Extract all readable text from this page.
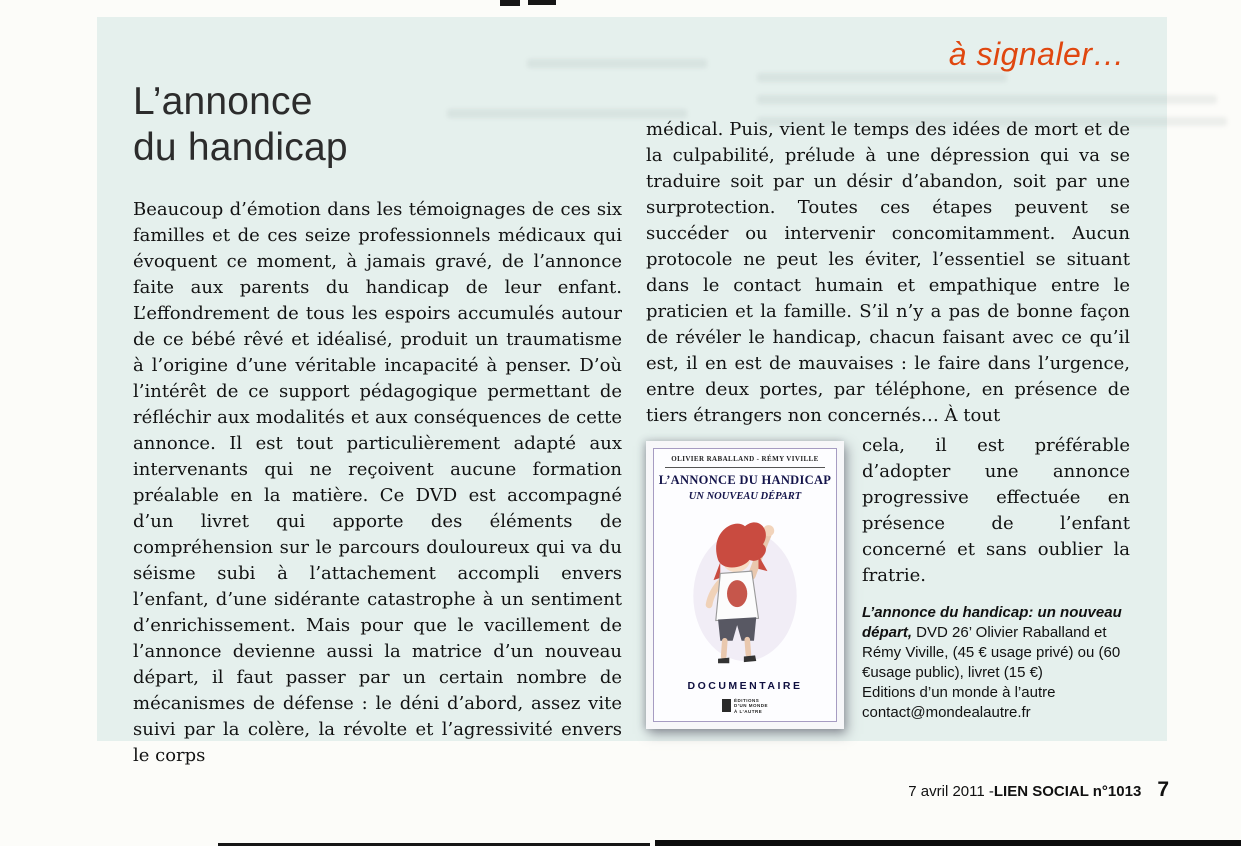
L’annonce
du handicap

Beaucoup d’émotion dans les témoignages de ces six familles et de ces seize professionnels médicaux qui évoquent ce moment, à jamais gravé, de l’annonce faite aux parents du handicap de leur enfant. L’effondrement de tous les espoirs accumulés autour de ce bébé rêvé et idéalisé, produit un traumatisme à l’origine d’une véritable incapacité à penser. D’où l’intérêt de ce support pédagogique permettant de réfléchir aux modalités et aux conséquences de cette annonce. Il est tout particulièrement adapté aux intervenants qui ne reçoivent aucune formation préalable en la matière. Ce DVD est accompagné d’un livret qui apporte des éléments de compréhension sur le parcours douloureux qui va du séisme subi à l’attachement accompli envers l’enfant, d’une sidérante catastrophe à un sentiment d’enrichissement. Mais pour que le vacillement de l’annonce devienne aussi la matrice d’un nouveau départ, il faut passer par un certain nombre de mécanismes de défense : le déni d’abord, assez vite suivi par la colère, la révolte et l’agressivité envers le corps

médical. Puis, vient le temps des idées de mort et de la culpabilité, prélude à une dépression qui va se traduire soit par un désir d’abandon, soit par une surprotection. Toutes ces étapes peuvent se succéder ou intervenir concomitamment. Aucun protocole ne peut les éviter, l’essentiel se situant dans le contact humain et empathique entre le praticien et la famille. S’il n’y a pas de bonne façon de révéler le handicap, chacun faisant avec ce qu’il est, il en est de mauvaises : le faire dans l’urgence, entre deux portes, par téléphone, en présence de tiers étrangers non concernés… À tout

OLIVIER RABALLAND - RÉMY VIVILLE
L’ANNONCE DU HANDICAP
UN NOUVEAU DÉPART
DOCUMENTAIRE
ÉDITIONS
D’UN MONDE
À L’AUTRE

cela, il est préférable d’adopter une annonce progressive effectuée en présence de l’enfant concerné et sans oublier la fratrie.

L’annonce du handicap: un nouveau départ, DVD 26’ Olivier Raballand et Rémy Viville, (45 € usage privé) ou (60 €usage public), livret (15 €)
Editions d’un monde à l’autre
contact@mondealautre.fr
à signaler…
7 avril 2011 - LIEN SOCIAL n°1013 7
